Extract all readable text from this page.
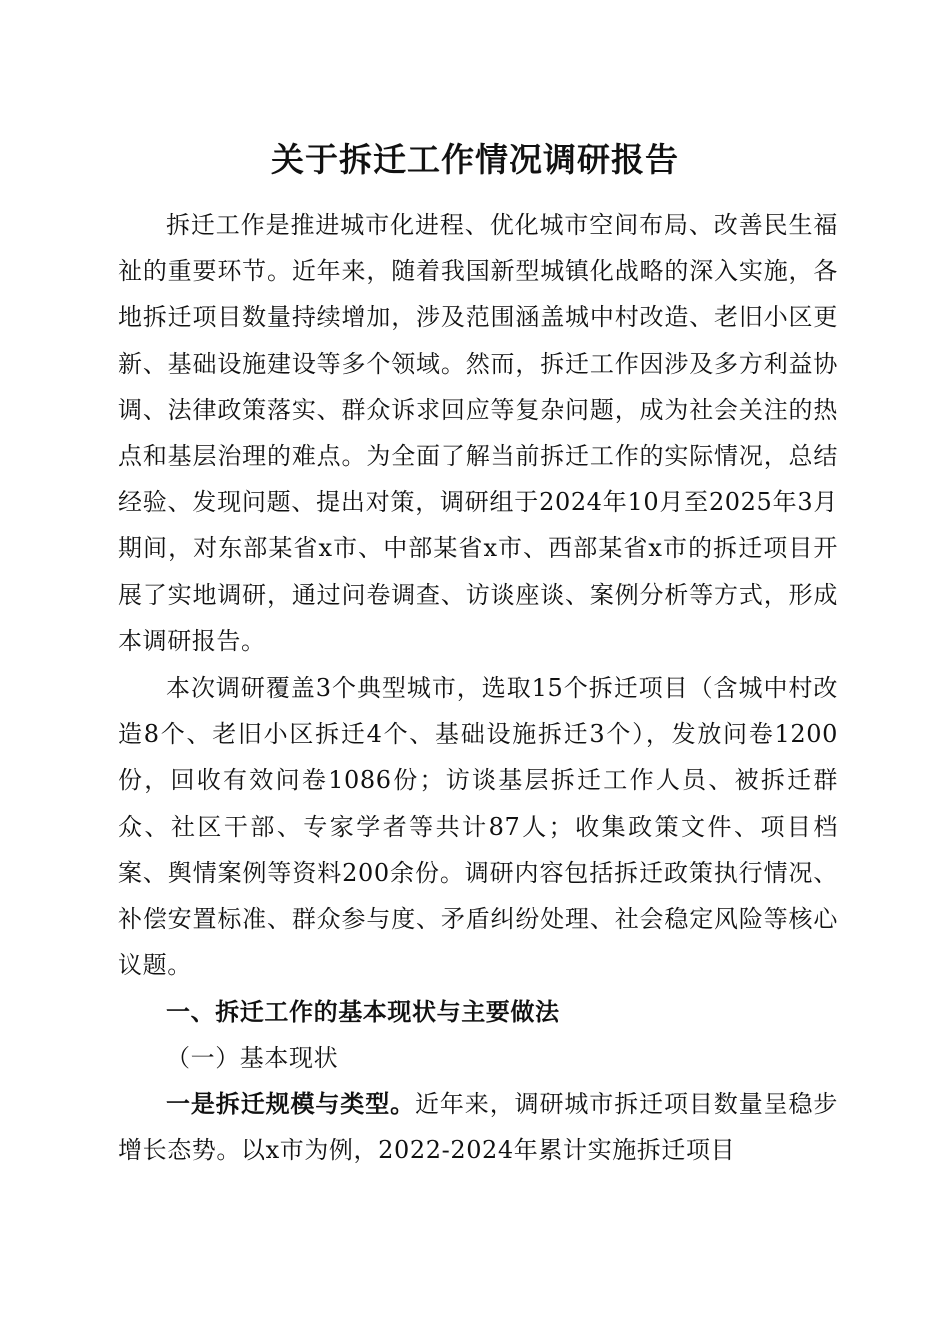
关于拆迁工作情况调研报告

拆迁工作是推进城市化进程、优化城市空间布局、改善民生福祉的重要环节。近年来，随着我国新型城镇化战略的深入实施，各地拆迁项目数量持续增加，涉及范围涵盖城中村改造、老旧小区更新、基础设施建设等多个领域。然而，拆迁工作因涉及多方利益协调、法律政策落实、群众诉求回应等复杂问题，成为社会关注的热点和基层治理的难点。为全面了解当前拆迁工作的实际情况，总结经验、发现问题、提出对策，调研组于2024年10月至2025年3月期间，对东部某省x市、中部某省x市、西部某省x市的拆迁项目开展了实地调研，通过问卷调查、访谈座谈、案例分析等方式，形成本调研报告。

本次调研覆盖3个典型城市，选取15个拆迁项目（含城中村改造8个、老旧小区拆迁4个、基础设施拆迁3个），发放问卷1200份，回收有效问卷1086份；访谈基层拆迁工作人员、被拆迁群众、社区干部、专家学者等共计87人；收集政策文件、项目档案、舆情案例等资料200余份。调研内容包括拆迁政策执行情况、补偿安置标准、群众参与度、矛盾纠纷处理、社会稳定风险等核心议题。

一、拆迁工作的基本现状与主要做法

（一）基本现状

一是拆迁规模与类型。近年来，调研城市拆迁项目数量呈稳步增长态势。以x市为例，2022-2024年累计实施拆迁项目
